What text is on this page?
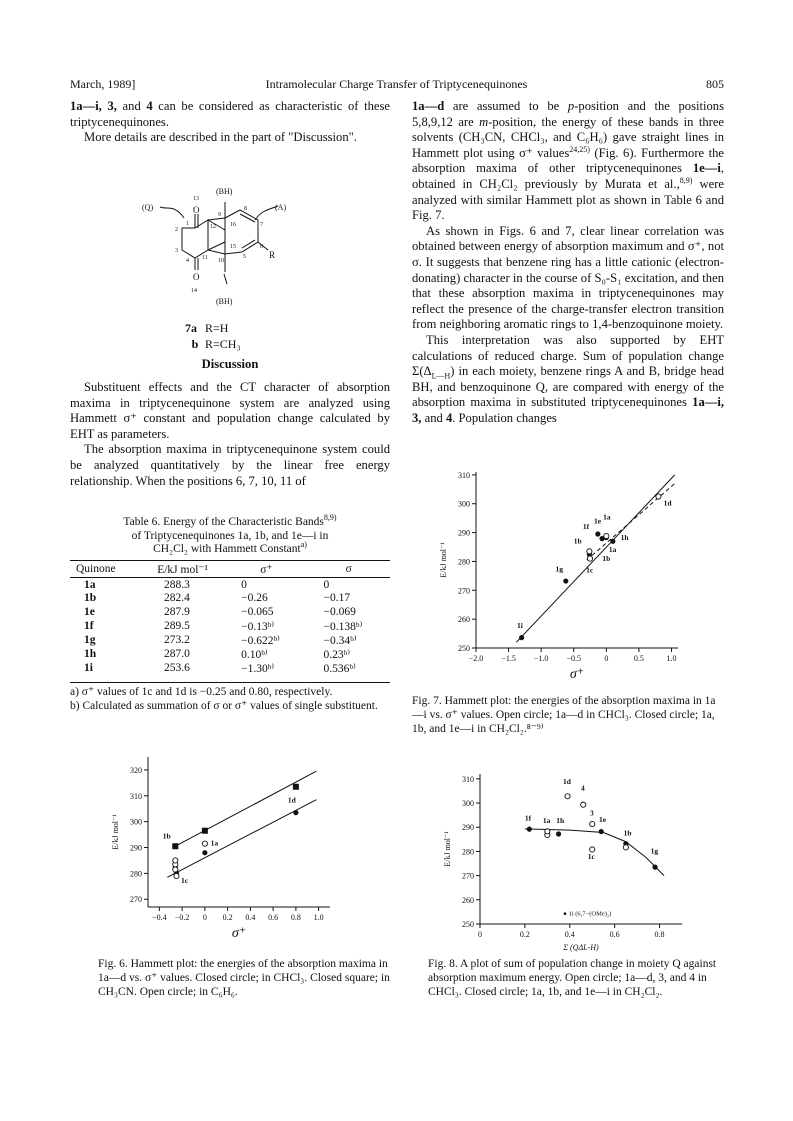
March, 1989]	Intramolecular Charge Transfer of Triptycenequinones	805

1a—i, 3, and 4 can be considered as characteristic of these triptycenequinones.

More details are described in the part of "Discussion".

(Q)
(BH)
(A)
(BH)
R
13
O
O
14
9
8
12 16
1
2
3
4 11 10
15
5
6
7
7a R=H
b R=CH₃
Discussion

Substituent effects and the CT character of absorption maxima in triptycenequinone system are analyzed using Hammett σ⁺ constant and population change calculated by EHT as parameters.

The absorption maxima in triptycenequinone system could be analyzed quantitatively by the linear free energy relationship. When the positions 6, 7, 10, 11 of

1a—d are assumed to be p-position and the positions 5,8,9,12 are m-position, the energy of these bands in three solvents (CH₃CN, CHCl₃, and C₆H₆) gave straight lines in Hammett plot using σ⁺ values$^{24,25)}$ (Fig. 6). Furthermore the absorption maxima of other triptycenequinones 1e—i, obtained in CH₂Cl₂ previously by Murata et al.,$^{8,9)}$ were analyzed with similar Hammett plot as shown in Table 6 and Fig. 7.

As shown in Figs. 6 and 7, clear linear correlation was obtained between energy of absorption maximum and σ⁺, not σ. It suggests that benzene ring has a little cationic (electron-donating) character in the course of S₀-S₁ excitation, and then that these absorption maxima in triptycenequinones may reflect the presence of the charge-transfer electron transition from neighboring aromatic rings to 1,4-benzoquinone moiety.

This interpretation was also supported by EHT calculations of reduced charge. Sum of population change $\Sigma(\Delta_{L—H})$ in each moiety, benzene rings A and B, bridge head BH, and benzoquinone Q, are compared with energy of the absorption maxima in substituted triptycenequinones 1a—i, 3, and 4. Population changes

Table 6. Energy of the Characteristic Bands$^{8,9)}$
of Triptycenequinones 1a, 1b, and 1e—i in
CH₂Cl₂ with Hammett Constant$^{a)}$
Quinone	E/kJ mol⁻¹	σ⁺	σ
1a	288.3	0	0
1b	282.4	−0.26	−0.17
1e	287.9	−0.065	−0.069
1f	289.5	−0.13ᵇ⁾	−0.138ᵇ⁾
1g	273.2	−0.622ᵇ⁾	−0.34ᵇ⁾
1h	287.0	0.10ᵇ⁾	0.23ᵇ⁾
1i	253.6	−1.30ᵇ⁾	0.536ᵇ⁾
a) σ⁺ values of 1c and 1d is −0.25 and 0.80, respectively.
b) Calculated as summation of σ or σ⁺ values of single substituent.
270
280
290
300
310
320
−0.4 −0.2 0 0.2 0.4 0.6 0.8 1.0
E/kJ mol⁻¹
σ⁺
1b
1a
1c
1d
250
260
270
280
290
300
310
−2.0 −1.5 −1.0 −0.5	0	0.5	1.0
E/kJ mol⁻¹
σ⁺
1i
1g
1b
1f
1e 1a
1h
1a
1b
1c
1d
250
260
270
280
290
300
310
0	0.2	0.4	0.6	0.8
E/kJ mol⁻¹
Σ (QΔL-H)
1d
4
1f 1a 1h
3
1e
1b
1c
1g
● 1i (6,7−(OMe)₂)
Fig. 7. Hammett plot: the energies of the absorption maxima in 1a—i vs. σ⁺ values. Open circle; 1a—d in CHCl₃. Closed circle; 1a, 1b, and 1e—i in CH₂Cl₂.⁸⁻⁹⁾
Fig. 6. Hammett plot: the energies of the absorption maxima in 1a—d vs. σ⁺ values. Closed circle; in CHCl₃. Closed square; in CH₃CN. Open circle; in C₆H₆.
Fig. 8. A plot of sum of population change in moiety Q against absorption maximum energy. Open circle; 1a—d, 3, and 4 in CHCl₃. Closed circle; 1a, 1b, and 1e—i in CH₂Cl₂.
